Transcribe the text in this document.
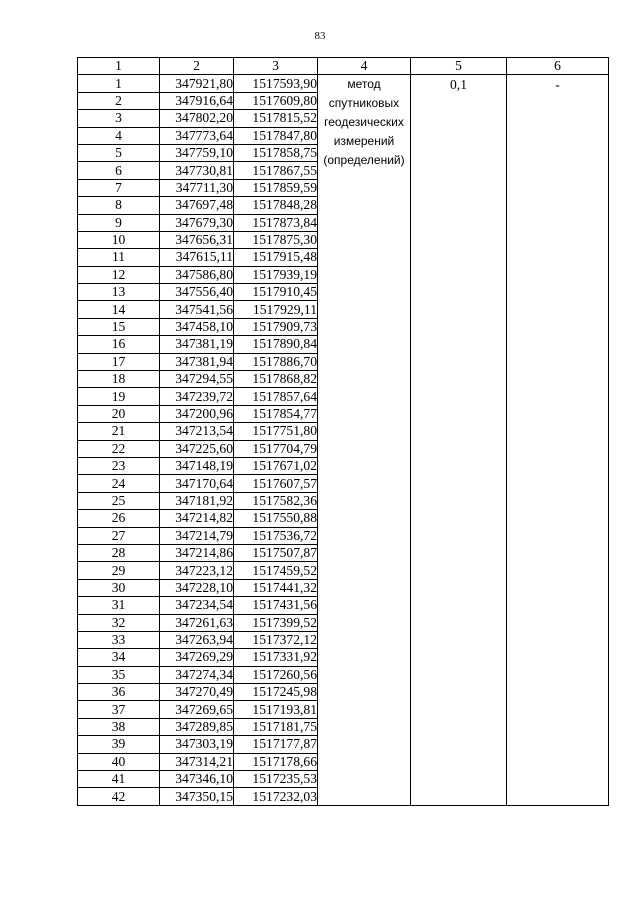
83
1	2	3	4	5	6
1	347921,80	1517593,90	метод
спутниковых
геодезических
измерений
(определений)	0,1	-

2	347916,64	1517609,80			
3	347802,20	1517815,52			
4	347773,64	1517847,80			
5	347759,10	1517858,75			
6	347730,81	1517867,55			
7	347711,30	1517859,59			
8	347697,48	1517848,28			
9	347679,30	1517873,84			
10	347656,31	1517875,30			
11	347615,11	1517915,48			
12	347586,80	1517939,19			
13	347556,40	1517910,45			
14	347541,56	1517929,11			
15	347458,10	1517909,73			
16	347381,19	1517890,84			
17	347381,94	1517886,70			
18	347294,55	1517868,82			
19	347239,72	1517857,64			
20	347200,96	1517854,77			
21	347213,54	1517751,80			
22	347225,60	1517704,79			
23	347148,19	1517671,02			
24	347170,64	1517607,57			
25	347181,92	1517582,36			
26	347214,82	1517550,88			
27	347214,79	1517536,72			
28	347214,86	1517507,87			
29	347223,12	1517459,52			
30	347228,10	1517441,32			
31	347234,54	1517431,56			
32	347261,63	1517399,52			
33	347263,94	1517372,12			
34	347269,29	1517331,92			
35	347274,34	1517260,56			
36	347270,49	1517245,98			
37	347269,65	1517193,81			
38	347289,85	1517181,75			
39	347303,19	1517177,87			
40	347314,21	1517178,66			
41	347346,10	1517235,53			
42	347350,15	1517232,03			
